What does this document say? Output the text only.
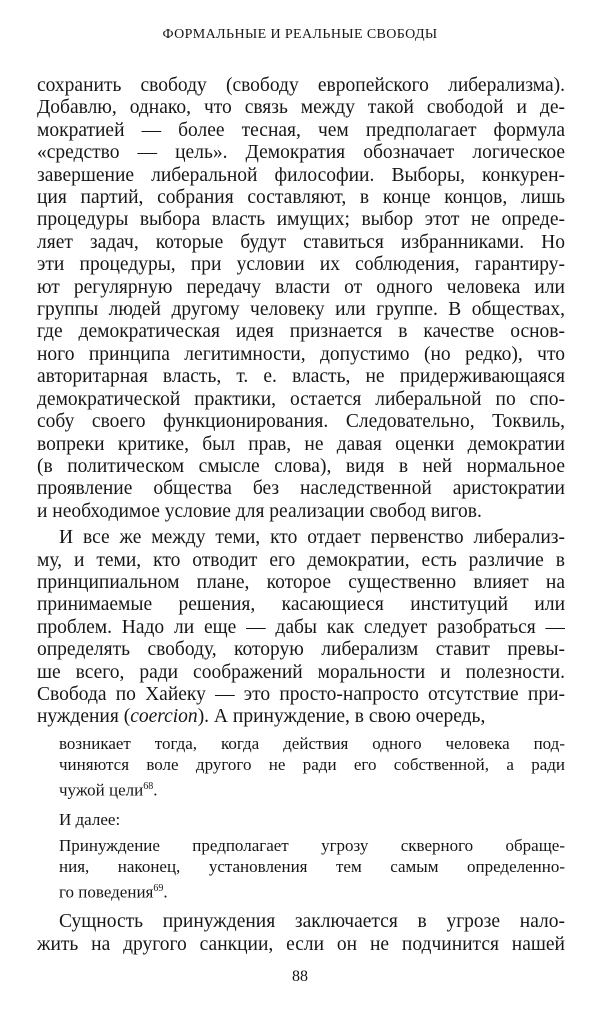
ФОРМАЛЬНЫЕ И РЕАЛЬНЫЕ СВОБОДЫ
сохранить свободу (свободу европейского либерализма).
Добавлю, однако, что связь между такой свободой и де-
мократией — более тесная, чем предполагает формула
«средство — цель». Демократия обозначает логическое
завершение либеральной философии. Выборы, конкурен-
ция партий, собрания составляют, в конце концов, лишь
процедуры выбора власть имущих; выбор этот не опреде-
ляет задач, которые будут ставиться избранниками. Но
эти процедуры, при условии их соблюдения, гарантиру-
ют регулярную передачу власти от одного человека или
группы людей другому человеку или группе. В обществах,
где демократическая идея признается в качестве основ-
ного принципа легитимности, допустимо (но редко), что
авторитарная власть, т. е. власть, не придерживающаяся
демократической практики, остается либеральной по спо-
собу своего функционирования. Следовательно, Токвиль,
вопреки критике, был прав, не давая оценки демократии
(в политическом смысле слова), видя в ней нормальное
проявление общества без наследственной аристократии
и необходимое условие для реализации свобод вигов.
И все же между теми, кто отдает первенство либерализ-
му, и теми, кто отводит его демократии, есть различие в
принципиальном плане, которое существенно влияет на
принимаемые решения, касающиеся институций или
проблем. Надо ли еще — дабы как следует разобраться —
определять свободу, которую либерализм ставит превы-
ше всего, ради соображений моральности и полезности.
Свобода по Хайеку — это просто-напросто отсутствие при-
нуждения (coercion). А принуждение, в свою очередь,
возникает тогда, когда действия одного человека под-
чиняются воле другого не ради его собственной, а ради
чужой цели$^{68}$.
И далее:
Принуждение предполагает угрозу скверного обраще-
ния, наконец, установления тем самым определенно-
го поведения$^{69}$.
Сущность принуждения заключается в угрозе нало-
жить на другого санкции, если он не подчинится нашей
88
